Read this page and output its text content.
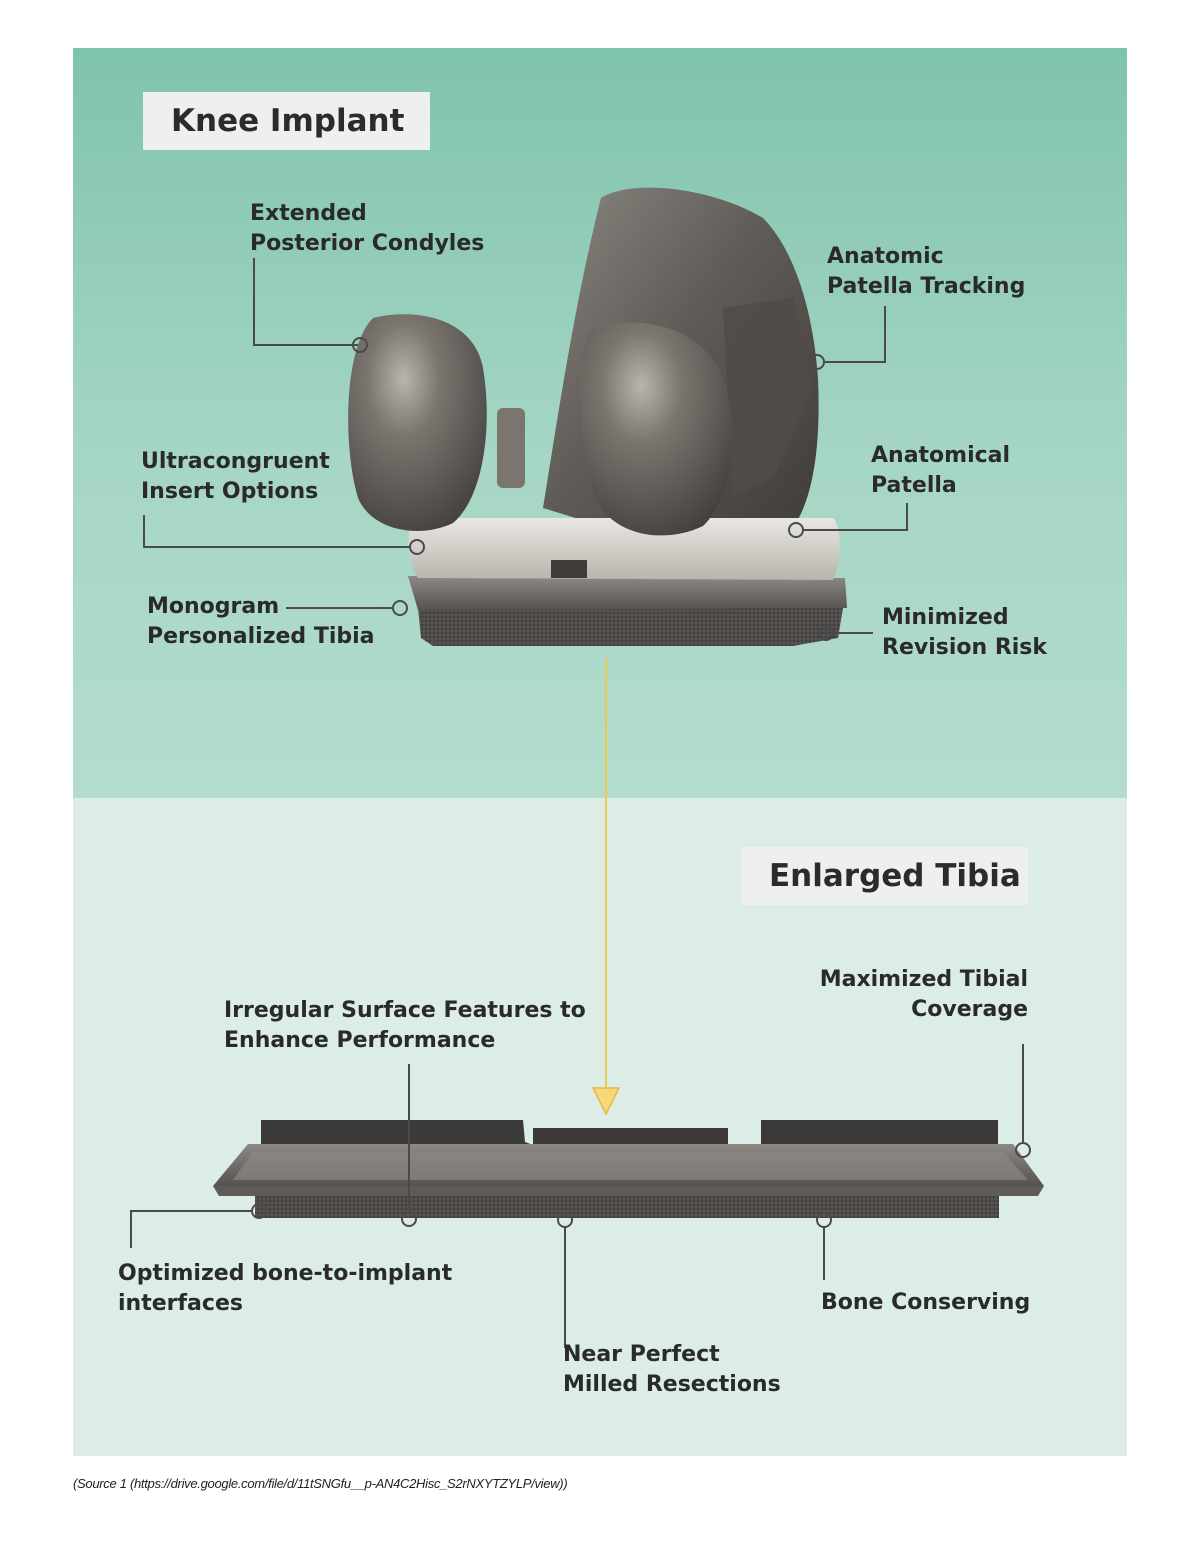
Knee Implant
Enlarged Tibia
Extended
Posterior Condyles
Anatomic
Patella Tracking
Ultracongruent
Insert Options
Anatomical
Patella
Monogram
Personalized Tibia
Minimized
Revision Risk
Irregular Surface Features to
Enhance Performance
Maximized Tibial
Coverage
Optimized bone-to-implant
interfaces	Bone Conserving
Near Perfect
Milled Resections
(Source 1 (https://drive.google.com/file/d/11tSNGfu__p-AN4C2Hisc_S2rNXYTZYLP/view))
